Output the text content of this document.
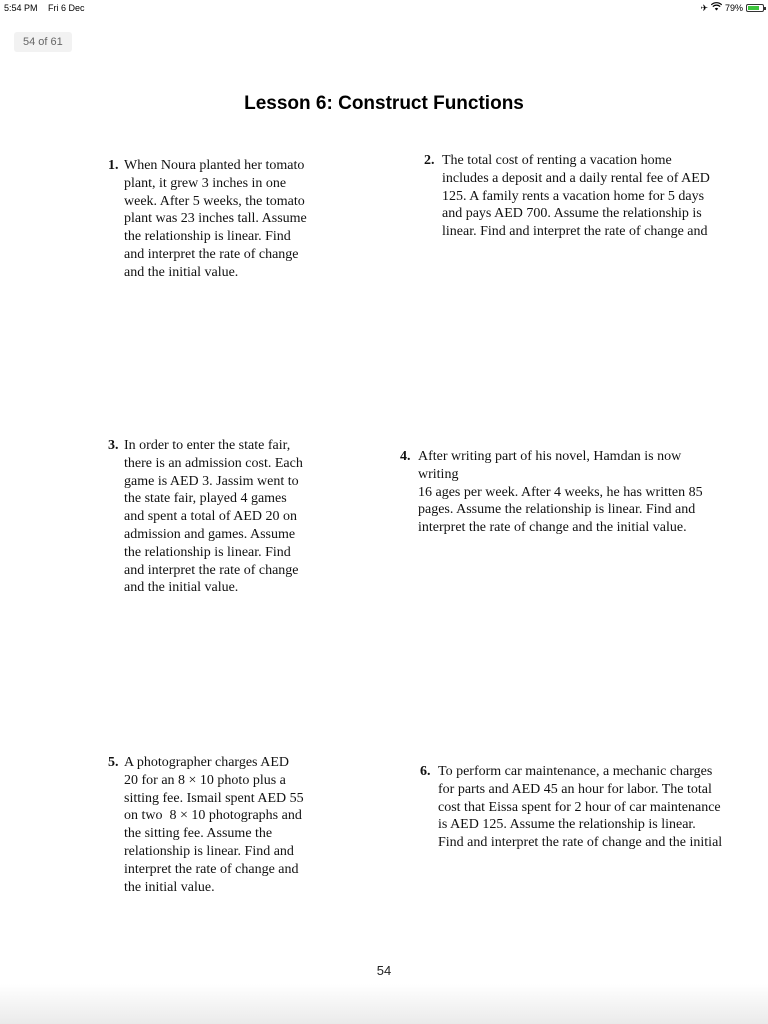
5:54 PM Fri 6 Dec	✈ 79%
54 of 61
Lesson 6: Construct Functions
1. When Noura planted her tomato
plant, it grew 3 inches in one
week. After 5 weeks, the tomato
plant was 23 inches tall. Assume
the relationship is linear. Find
and interpret the rate of change
and the initial value.
2. The total cost of renting a vacation home
includes a deposit and a daily rental fee of AED
125. A family rents a vacation home for 5 days
and pays AED 700. Assume the relationship is
linear. Find and interpret the rate of change and
3. In order to enter the state fair,
there is an admission cost. Each
game is AED 3. Jassim went to
the state fair, played 4 games
and spent a total of AED 20 on
admission and games. Assume
the relationship is linear. Find
and interpret the rate of change
and the initial value.
4. After writing part of his novel, Hamdan is now
writing
16 ages per week. After 4 weeks, he has written 85
pages. Assume the relationship is linear. Find and
interpret the rate of change and the initial value.
5. A photographer charges AED
20 for an 8 × 10 photo plus a
sitting fee. Ismail spent AED 55
on two  8 × 10 photographs and
the sitting fee. Assume the
relationship is linear. Find and
interpret the rate of change and
the initial value.
6. To perform car maintenance, a mechanic charges
for parts and AED 45 an hour for labor. The total
cost that Eissa spent for 2 hour of car maintenance
is AED 125. Assume the relationship is linear.
Find and interpret the rate of change and the initial
54
